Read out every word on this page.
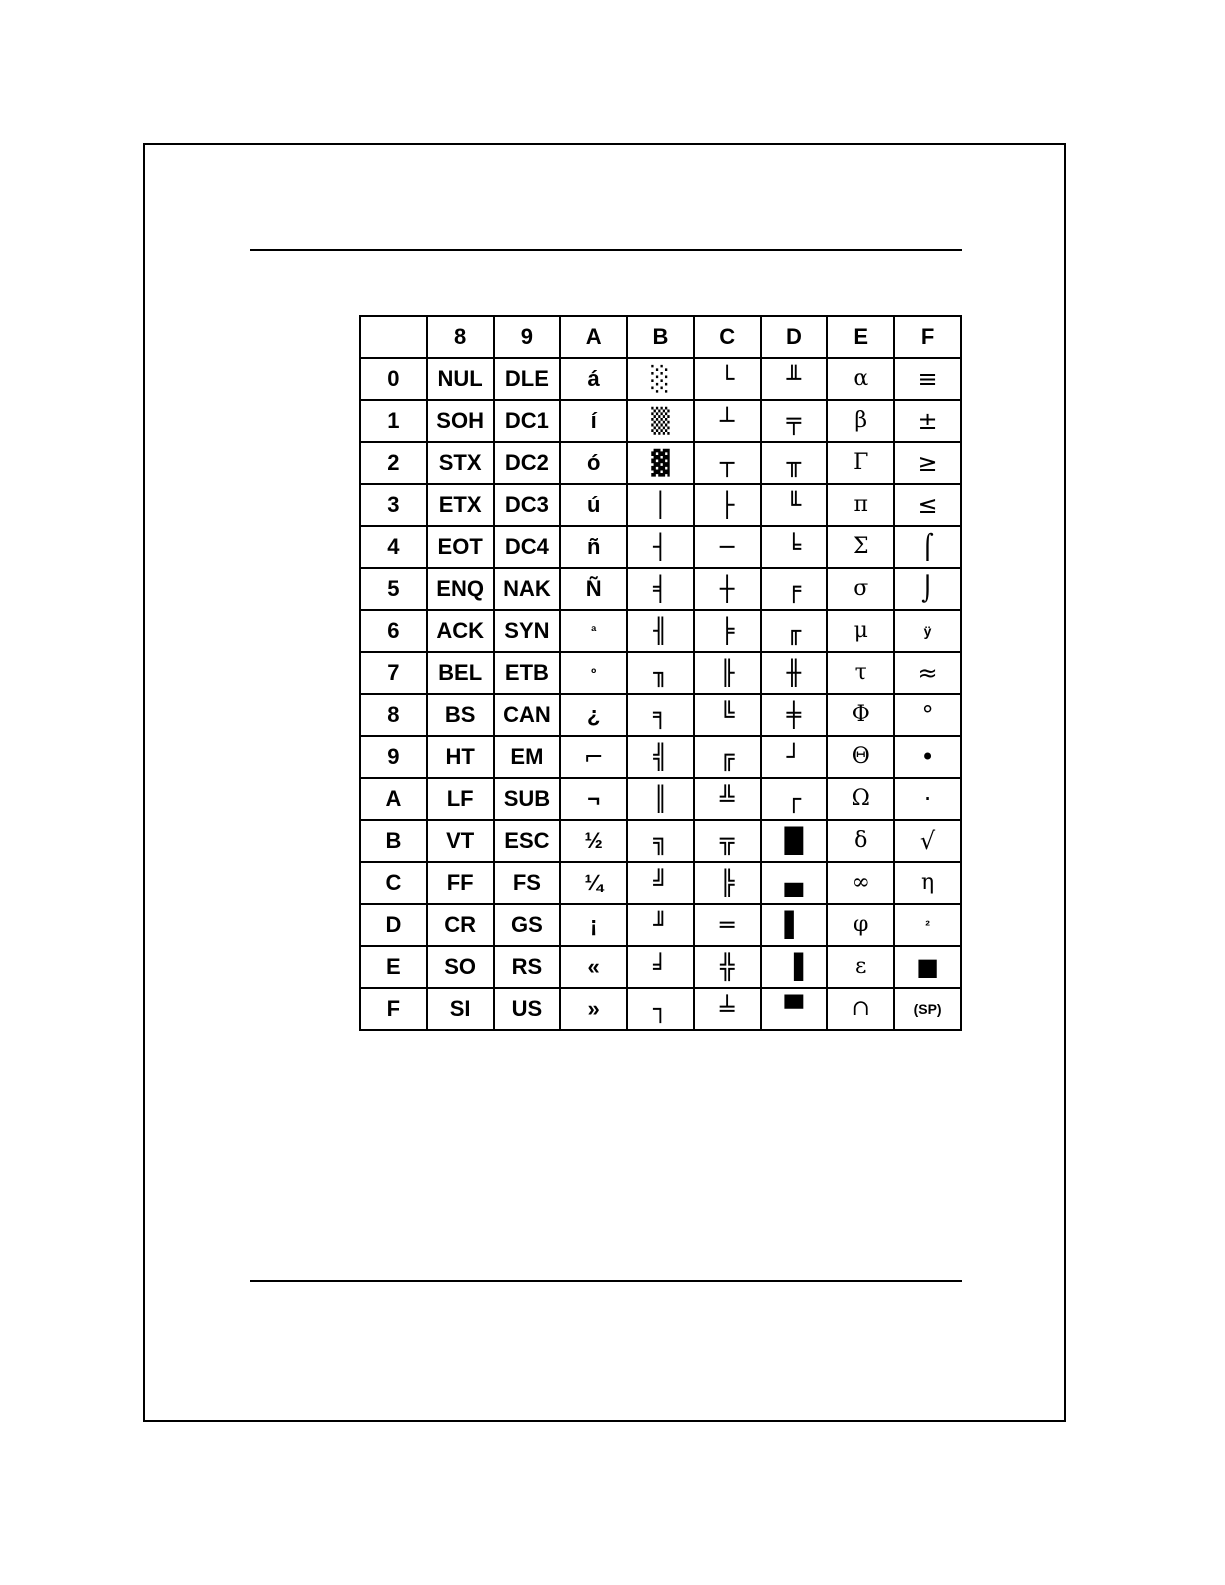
	8	9	A	B	C	D	E	F
0	NUL	DLE	á	░	└	╨	α	≡
1	SOH	DC1	í	▒	┴	╤	β	±
2	STX	DC2	ó	▓	┬	╥	Γ	≥
3	ETX	DC3	ú	│	├	╙	π	≤
4	EOT	DC4	ñ	┤	─	╘	Σ	⌠
5	ENQ	NAK	Ñ	╡	┼	╒	σ	⌡
6	ACK	SYN	ª	╢	╞	╓	μ	ÿ
7	BEL	ETB	º	╖	╟	╫	τ	≈
8	BS	CAN	¿	╕	╚	╪	Φ	°
9	HT	EM	⌐	╣	╔	┘	Θ	•
A	LF	SUB	¬	║	╩	┌	Ω	·
B	VT	ESC	½	╗	╦	█	δ	√
C	FF	FS	¼	╝	╠	▄	∞	η
D	CR	GS	¡	╜	═	▌	φ	²
E	SO	RS	«	╛	╬	▐	ε	■
F	SI	US	»	┐	╧	▀	∩	(SP)
